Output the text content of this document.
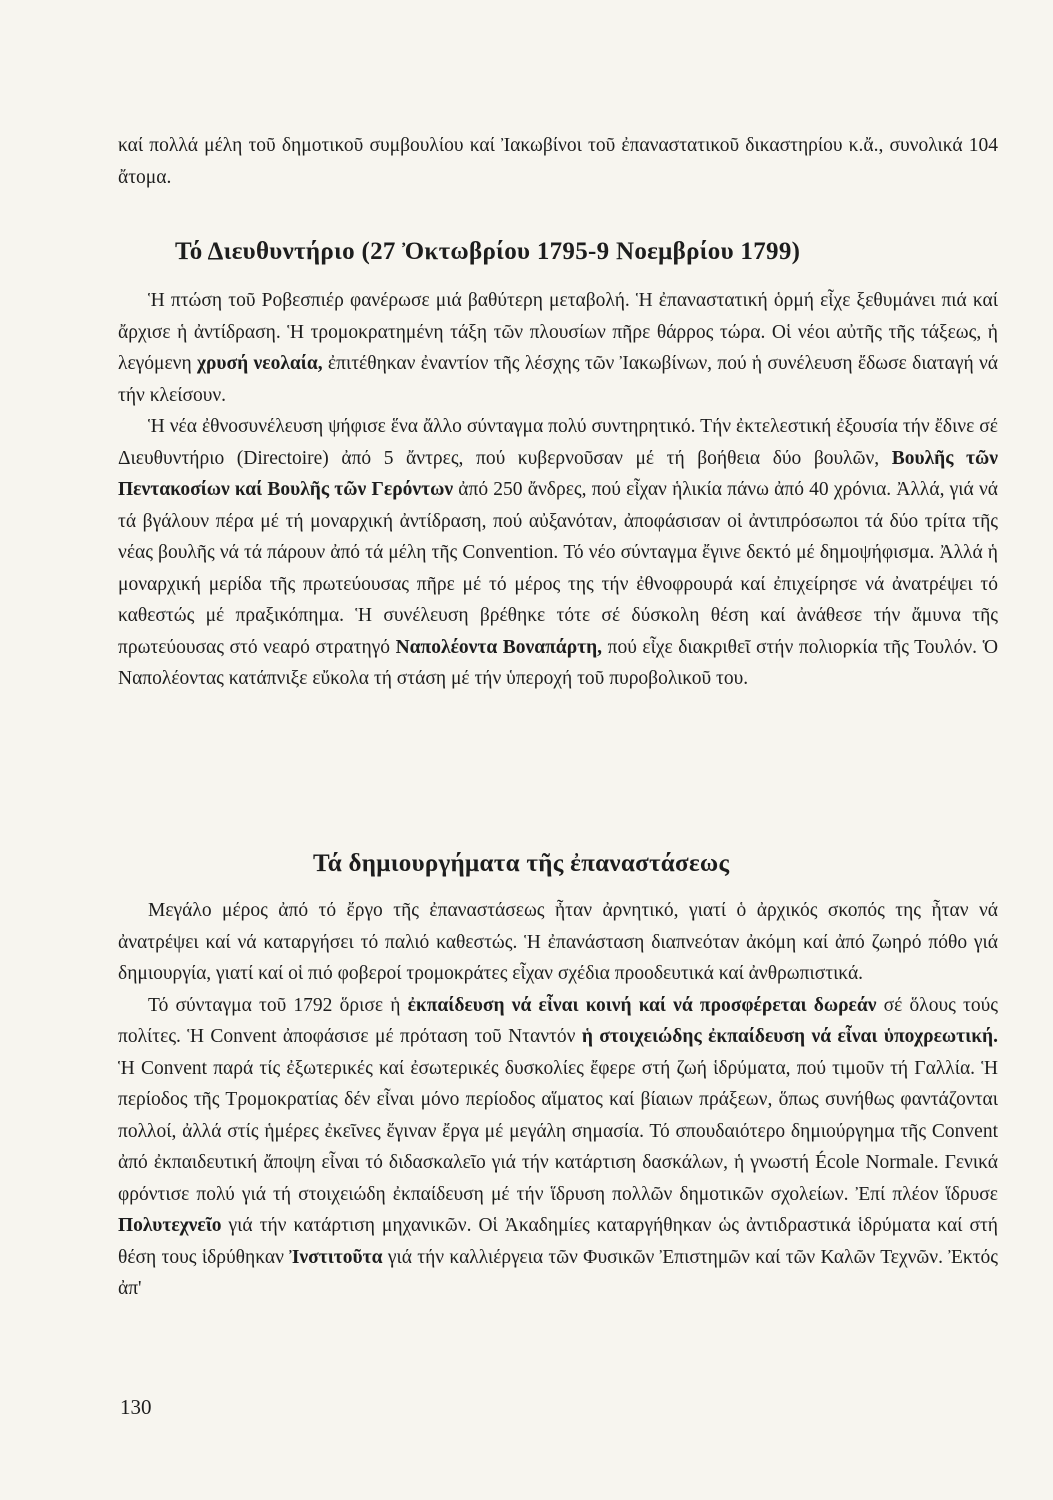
καί πολλά μέλη τοῦ δημοτικοῦ συμβουλίου καί Ἰακωβίνοι τοῦ ἐπαναστατικοῦ δικαστηρίου κ.ἄ., συνολικά 104 ἄτομα.

Τό Διευθυντήριο (27 Ὀκτωβρίου 1795-9 Νοεμβρίου 1799)

Ἡ πτώση τοῦ Ροβεσπιέρ φανέρωσε μιά βαθύτερη μεταβολή. Ἡ ἐπαναστατική ὁρμή εἶχε ξεθυμάνει πιά καί ἄρχισε ἡ ἀντίδραση. Ἡ τρομοκρατημένη τάξη τῶν πλουσίων πῆρε θάρρος τώρα. Οἱ νέοι αὐτῆς τῆς τάξεως, ἡ λεγόμενη χρυσή νεολαία, ἐπιτέθηκαν ἐναντίον τῆς λέσχης τῶν Ἰακωβίνων, πού ἡ συνέλευση ἔδωσε διαταγή νά τήν κλείσουν.

Ἡ νέα ἐθνοσυνέλευση ψήφισε ἕνα ἄλλο σύνταγμα πολύ συντηρητικό. Τήν ἐκτελεστική ἐξουσία τήν ἔδινε σέ Διευθυντήριο (Directoire) ἀπό 5 ἄντρες, πού κυβερνοῦσαν μέ τή βοήθεια δύο βουλῶν, Βουλῆς τῶν Πεντακοσίων καί Βουλῆς τῶν Γερόντων ἀπό 250 ἄνδρες, πού εἶχαν ἡλικία πάνω ἀπό 40 χρόνια. Ἀλλά, γιά νά τά βγάλουν πέρα μέ τή μοναρχική ἀντίδραση, πού αὐξανόταν, ἀποφάσισαν οἱ ἀντιπρόσωποι τά δύο τρίτα τῆς νέας βουλῆς νά τά πάρουν ἀπό τά μέλη τῆς Convention. Τό νέο σύνταγμα ἔγινε δεκτό μέ δημοψήφισμα. Ἀλλά ἡ μοναρχική μερίδα τῆς πρωτεύουσας πῆρε μέ τό μέρος της τήν ἐθνοφρουρά καί ἐπιχείρησε νά ἀνατρέψει τό καθεστώς μέ πραξικόπημα. Ἡ συνέλευση βρέθηκε τότε σέ δύσκολη θέση καί ἀνάθεσε τήν ἄμυνα τῆς πρωτεύουσας στό νεαρό στρατηγό Ναπολέοντα Βοναπάρτη, πού εἶχε διακριθεῖ στήν πολιορκία τῆς Τουλόν. Ὁ Ναπολέοντας κατάπνιξε εὔκολα τή στάση μέ τήν ὑπεροχή τοῦ πυροβολικοῦ του.

Τά δημιουργήματα τῆς ἐπαναστάσεως

Μεγάλο μέρος ἀπό τό ἔργο τῆς ἐπαναστάσεως ἦταν ἀρνητικό, γιατί ὁ ἀρχικός σκοπός της ἦταν νά ἀνατρέψει καί νά καταργήσει τό παλιό καθεστώς. Ἡ ἐπανάσταση διαπνεόταν ἀκόμη καί ἀπό ζωηρό πόθο γιά δημιουργία, γιατί καί οἱ πιό φοβεροί τρομοκράτες εἶχαν σχέδια προοδευτικά καί ἀνθρωπιστικά.

Τό σύνταγμα τοῦ 1792 ὅρισε ἡ ἐκπαίδευση νά εἶναι κοινή καί νά προσφέρεται δωρεάν σέ ὅλους τούς πολίτες. Ἡ Convent ἀποφάσισε μέ πρόταση τοῦ Νταντόν ἡ στοιχειώδης ἐκπαίδευση νά εἶναι ὑποχρεωτική. Ἡ Convent παρά τίς ἐξωτερικές καί ἐσωτερικές δυσκολίες ἔφερε στή ζωή ἱδρύματα, πού τιμοῦν τή Γαλλία. Ἡ περίοδος τῆς Τρομοκρατίας δέν εἶναι μόνο περίοδος αἵματος καί βίαιων πράξεων, ὅπως συνήθως φαντάζονται πολλοί, ἀλλά στίς ἡμέρες ἐκεῖνες ἔγιναν ἔργα μέ μεγάλη σημασία. Τό σπουδαιότερο δημιούργημα τῆς Convent ἀπό ἐκπαιδευτική ἄποψη εἶναι τό διδασκαλεῖο γιά τήν κατάρτιση δασκάλων, ἡ γνωστή École Normale. Γενικά φρόντισε πολύ γιά τή στοιχειώδη ἐκπαίδευση μέ τήν ἵδρυση πολλῶν δημοτικῶν σχολείων. Ἐπί πλέον ἵδρυσε Πολυτεχνεῖο γιά τήν κατάρτιση μηχανικῶν. Οἱ Ἀκαδημίες καταργήθηκαν ὡς ἀντιδραστικά ἱδρύματα καί στή θέση τους ἱδρύθηκαν Ἰνστιτοῦτα γιά τήν καλλιέργεια τῶν Φυσικῶν Ἐπιστημῶν καί τῶν Καλῶν Τεχνῶν. Ἐκτός ἀπ'

130
